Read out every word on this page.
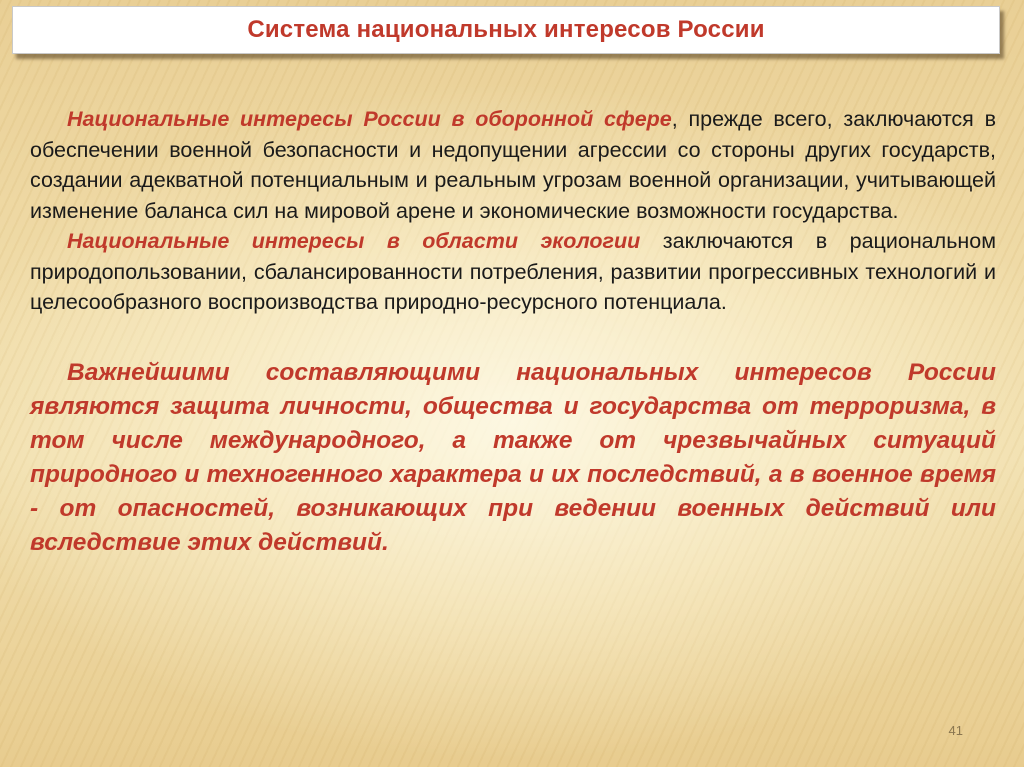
Система национальных интересов России

Национальные интересы России в оборонной сфере, прежде всего, заключаются в обеспечении военной безопасности и недопущении агрессии со стороны других государств, создании адекватной потенциальным и реальным угрозам военной организации, учитывающей изменение баланса сил на мировой арене и экономические возможности государства.

Национальные интересы в области экологии заключаются в рациональном природопользовании, сбалансированности потребления, развитии прогрессивных технологий и целесообразного воспроизводства природно-ресурсного потенциала.

Важнейшими составляющими национальных интересов России являются защита личности, общества и государства от терроризма, в том числе международного, а также от чрезвычайных ситуаций природного и техногенного характера и их последствий, а в военное время - от опасностей, возникающих при ведении военных действий или вследствие этих действий.

41
